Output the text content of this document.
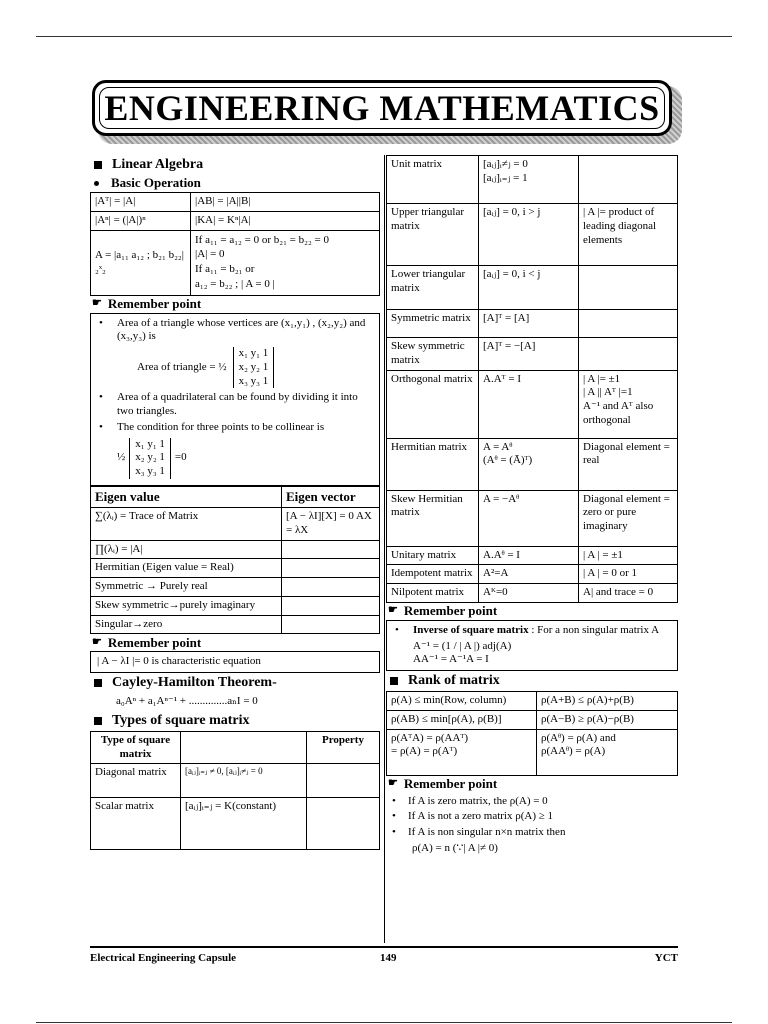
ENGINEERING MATHEMATICS
Linear Algebra
Basic Operation
|Aᵀ| = |A|	|AB| = |A||B|
|Aⁿ| = (|A|)ⁿ	|KA| = Kⁿ|A|
A = |a₁₁ a₁₂ ; b₂₁ b₂₂|₂ˣ₂	If a₁₁ = a₁₂ = 0 or b₂₁ = b₂₂ = 0

|A| = 0

If a₁₁ = b₂₁ or

a₁₂ = b₂₂ ; | A = 0 |

☛ Remember point
• Area of a triangle whose vertices are (x₁,y₁) , (x₂,y₂) and (x₃,y₃) is
Area of triangle = ½
x₁ y₁ 1
x₂ y₂ 1
x₃ y₃ 1
• Area of a quadrilateral can be found by dividing it into two triangles.
• The condition for three points to be collinear is
½
x₁ y₁ 1
x₂ y₂ 1
x₃ y₃ 1
=0
Eigen value	Eigen vector
∑(λᵢ) = Trace of Matrix	[A − λI][X] = 0 AX = λX
∏(λᵢ) = |A|	
Hermitian (Eigen value = Real)	
Symmetric → Purely real	
Skew symmetric→purely imaginary	
Singular→zero	
☛ Remember point
| A − λI |= 0 is characteristic equation
Cayley-Hamilton Theorem-
a₀Aⁿ + a₁Aⁿ⁻¹ + ..............aₙI = 0
Types of square matrix
Type of square matrix		Property
Diagonal matrix	[aᵢⱼ]ᵢ₌ⱼ ≠ 0, [aᵢⱼ]ᵢ≠ⱼ = 0	
Scalar matrix	[aᵢⱼ]ᵢ₌ⱼ = K(constant)	
Unit matrix	[aᵢⱼ]ᵢ≠ⱼ = 0
[aᵢⱼ]ᵢ₌ⱼ = 1	
Upper triangular matrix	[aᵢⱼ] = 0, i > j	| A |= product of leading diagonal elements
Lower triangular matrix	[aᵢⱼ] = 0, i < j	
Symmetric matrix	[A]ᵀ = [A]	
Skew symmetric matrix	[A]ᵀ = −[A]	
Orthogonal matrix	A.Aᵀ = I	| A |= ±1
| A || Aᵀ |=1
A⁻¹ and Aᵀ also orthogonal
Hermitian matrix	A = Aᶿ
(Aᶿ = (Ā)ᵀ)	Diagonal element = real
Skew Hermitian matrix	A = −Aᶿ	Diagonal element = zero or pure imaginary
Unitary matrix	A.Aᶿ = I	| A | = ±1
Idempotent matrix	A²=A	| A | = 0 or 1
Nilpotent matrix	Aᴷ=0	A| and trace = 0
☛ Remember point
• Inverse of square matrix : For a non singular matrix A
A⁻¹ = (1 / | A |) adj(A)
AA⁻¹ = A⁻¹A = I
Rank of matrix
ρ(A) ≤ min(Row, column)	ρ(A+B) ≤ ρ(A)+ρ(B)
ρ(AB) ≤ min[ρ(A), ρ(B)]	ρ(A−B) ≥ ρ(A)−ρ(B)
ρ(AᵀA) = ρ(AAᵀ)
= ρ(A) = ρ(Aᵀ)	ρ(Aᶿ) = ρ(A) and
ρ(AAᶿ) = ρ(A)
☛ Remember point
• If A is zero matrix, the ρ(A) = 0
• If A is not a zero matrix ρ(A) ≥ 1
• If A is non singular n×n matrix then
ρ(A) = n (∵| A |≠ 0)
Electrical Engineering Capsule	149	YCT
